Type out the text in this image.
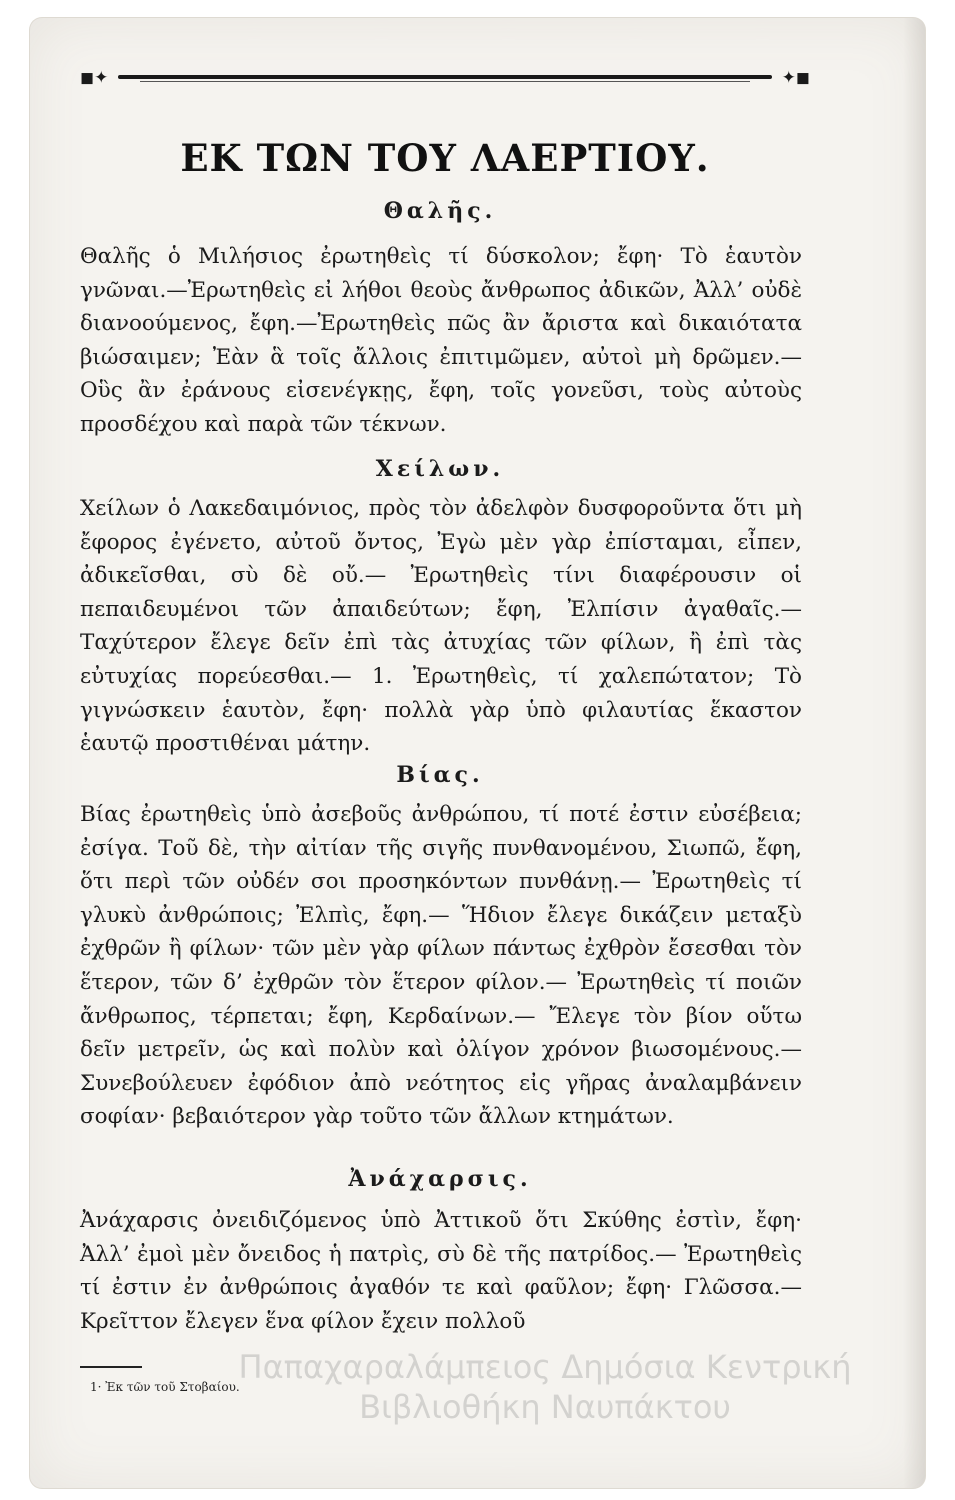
◼✦	✦◼
ΕΚ ΤΩΝ ΤΟΥ ΛΑΕΡΤΙΟΥ.
Θαλῆς.

Θαλῆς ὁ Μιλήσιος ἐρωτηθεὶς τί δύσκολον; ἔφη· Τὸ ἑαυτὸν γνῶναι.—Ἐρωτηθεὶς εἰ λήθοι θεοὺς ἄνθρωπος ἀδικῶν, Ἀλλ’ οὐδὲ διανοούμενος, ἔφη.—Ἐρωτηθεὶς πῶς ἂν ἄριστα καὶ δικαιότατα βιώσαιμεν; Ἐὰν ἃ τοῖς ἄλλοις ἐπιτιμῶμεν, αὐτοὶ μὴ δρῶμεν.—Οὓς ἂν ἐράνους εἰσενέγκῃς, ἔφη, τοῖς γονεῦσι, τοὺς αὐτοὺς προσδέχου καὶ παρὰ τῶν τέκνων.

Χείλων.

Χείλων ὁ Λακεδαιμόνιος, πρὸς τὸν ἀδελφὸν δυσφοροῦντα ὅτι μὴ ἔφορος ἐγένετο, αὐτοῦ ὄντος, Ἐγὼ μὲν γὰρ ἐπίσταμαι, εἶπεν, ἀδικεῖσθαι, σὺ δὲ οὔ.— Ἐρωτηθεὶς τίνι διαφέρουσιν οἱ πεπαιδευμένοι τῶν ἀπαιδεύτων; ἔφη, Ἐλπίσιν ἀγαθαῖς.— Ταχύτερον ἔλεγε δεῖν ἐπὶ τὰς ἀτυχίας τῶν φίλων, ἢ ἐπὶ τὰς εὐτυχίας πορεύεσθαι.— 1. Ἐρωτηθεὶς, τί χαλεπώτατον; Τὸ γιγνώσκειν ἑαυτὸν, ἔφη· πολλὰ γὰρ ὑπὸ φιλαυτίας ἕκαστον ἑαυτῷ προστιθέναι μάτην.

Βίας.

Βίας ἐρωτηθεὶς ὑπὸ ἀσεβοῦς ἀνθρώπου, τί ποτέ ἐστιν εὐσέβεια; ἐσίγα. Τοῦ δὲ, τὴν αἰτίαν τῆς σιγῆς πυνθανομένου, Σιωπῶ, ἔφη, ὅτι περὶ τῶν οὐδέν σοι προσηκόντων πυνθάνῃ.— Ἐρωτηθεὶς τί γλυκὺ ἀνθρώποις; Ἐλπὶς, ἔφη.— Ἥδιον ἔλεγε δικάζειν μεταξὺ ἐχθρῶν ἢ φίλων· τῶν μὲν γὰρ φίλων πάντως ἐχθρὸν ἔσεσθαι τὸν ἕτερον, τῶν δ’ ἐχθρῶν τὸν ἕτερον φίλον.— Ἐρωτηθεὶς τί ποιῶν ἄνθρωπος, τέρπεται; ἔφη, Κερδαίνων.— Ἔλεγε τὸν βίον οὕτω δεῖν μετρεῖν, ὡς καὶ πολὺν καὶ ὀλίγον χρόνον βιωσομένους.— Συνεβούλευεν ἐφόδιον ἀπὸ νεότητος εἰς γῆρας ἀναλαμβάνειν σοφίαν· βεβαιότερον γὰρ τοῦτο τῶν ἄλλων κτημάτων.

Ἀνάχαρσις.

Ἀνάχαρσις ὀνειδιζόμενος ὑπὸ Ἀττικοῦ ὅτι Σκύθης ἐστὶν, ἔφη· Ἀλλ’ ἐμοὶ μὲν ὄνειδος ἡ πατρὶς, σὺ δὲ τῆς πατρίδος.— Ἐρωτηθεὶς τί ἐστιν ἐν ἀνθρώποις ἀγαθόν τε καὶ φαῦλον; ἔφη· Γλῶσσα.—Κρεῖττον ἔλεγεν ἕνα φίλον ἔχειν πολλοῦ

1· Ἐκ τῶν τοῦ Στοβαίου.

Παπαχαραλάμπειος Δημόσια Κεντρική

Βιβλιοθήκη Ναυπάκτου
